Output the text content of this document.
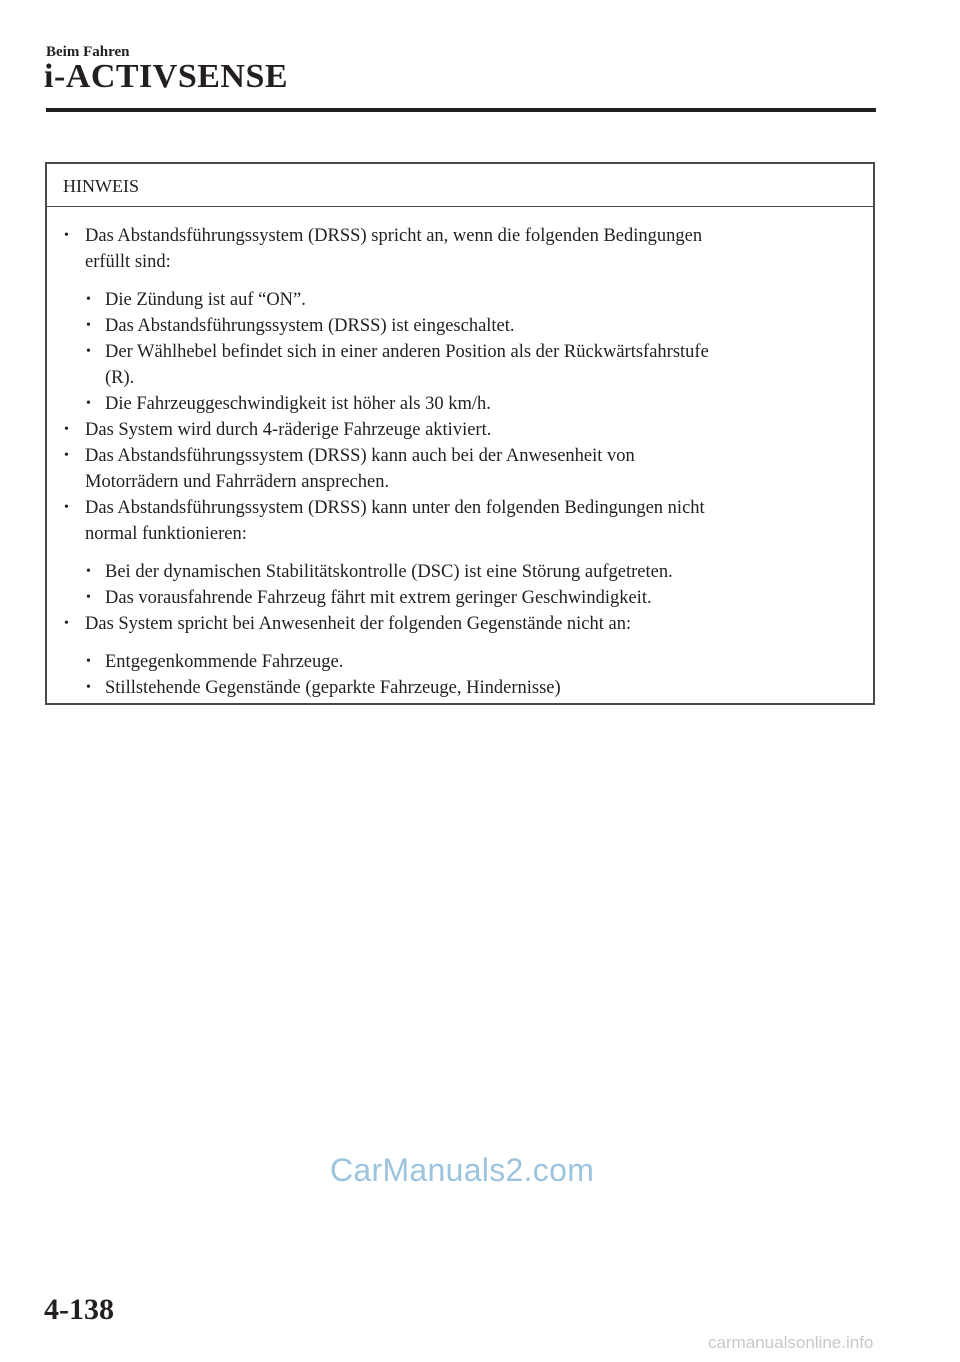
Beim Fahren
i-ACTIVSENSE
HINWEIS
• Das Abstandsführungssystem (DRSS) spricht an, wenn die folgenden Bedingungen
erfüllt sind:
• Die Zündung ist auf “ON”.
• Das Abstandsführungssystem (DRSS) ist eingeschaltet.
• Der Wählhebel befindet sich in einer anderen Position als der Rückwärtsfahrstufe
(R).
• Die Fahrzeuggeschwindigkeit ist höher als 30 km/h.
• Das System wird durch 4-räderige Fahrzeuge aktiviert.
• Das Abstandsführungssystem (DRSS) kann auch bei der Anwesenheit von
Motorrädern und Fahrrädern ansprechen.
• Das Abstandsführungssystem (DRSS) kann unter den folgenden Bedingungen nicht
normal funktionieren:
• Bei der dynamischen Stabilitätskontrolle (DSC) ist eine Störung aufgetreten.
• Das vorausfahrende Fahrzeug fährt mit extrem geringer Geschwindigkeit.
• Das System spricht bei Anwesenheit der folgenden Gegenstände nicht an:
• Entgegenkommende Fahrzeuge.
• Stillstehende Gegenstände (geparkte Fahrzeuge, Hindernisse)
CarManuals2.com
4-138
carmanualsonline.info
